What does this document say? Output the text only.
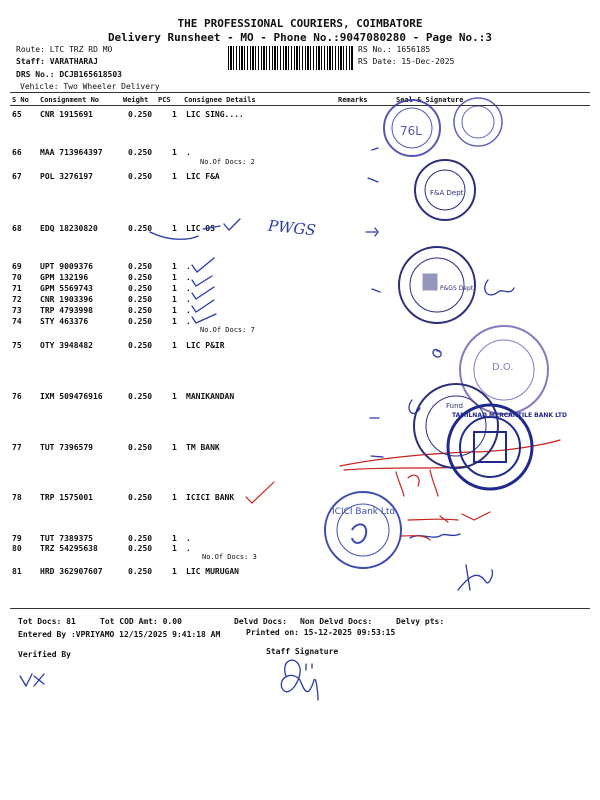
THE PROFESSIONAL COURIERS, COIMBATORE
Delivery Runsheet - MO - Phone No.:9047080280 - Page No.:3
Route: LTC TRZ RD MO
Staff: VARATHARAJ
DRS No.: DCJB165618503
Vehicle: Two Wheeler Delivery
RS No.: 1656185
RS Date: 15-Dec-2025
S No Consignment No	Weight PCS Consignee Details	Remarks	Seal & Signature
65 CNR 1915691	0.250 1 LIC SING....
66 MAA 713964397	0.250 1 .
No.Of Docs: 2
67 POL 3276197	0.250 1 LIC F&A
68 EDQ 18230820	0.250 1 LIC OS
69 UPT 9009376	0.250 1 .
70 GPM 132196	0.250 1 .
71 GPM 5569743	0.250 1 .
72 CNR 1903396	0.250 1 .
73 TRP 4793998	0.250 1 .
74 STY 463376	0.250 1 .
No.Of Docs: 7
75 OTY 3948482	0.250 1 LIC P&IR
76 IXM 509476916	0.250 1 MANIKANDAN
77 TUT 7396579	0.250 1 TM BANK
78 TRP 1575001	0.250 1 ICICI BANK
79 TUT 7389375	0.250 1 .
80 TRZ 54295638	0.250 1 .
No.Of Docs: 3
81 HRD 362907607	0.250 1 LIC MURUGAN
Tot Docs: 81	Tot COD Amt: 0.00	Delvd Docs: Non Delvd Docs:	Delvy pts:
Entered By :VPRIYAMO 12/15/2025 9:41:18 AM	Printed on: 15-12-2025 09:53:15
Verified By	Staff Signature
PWGS
76L
F&A Dept
P&GS Dept
D.O.
Fund
TAMILNAD MERCANTILE BANK LTD
ICICI Bank Ltd
